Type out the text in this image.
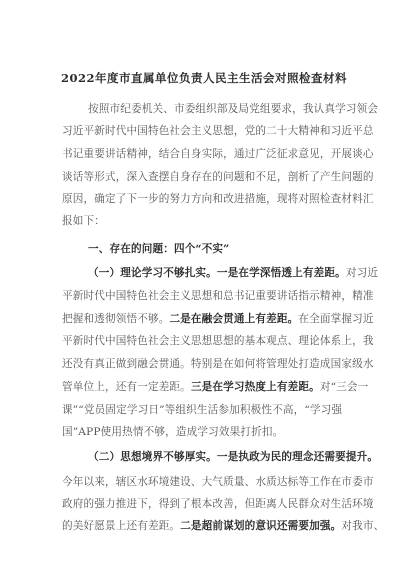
2022年度市直属单位负责人民主生活会对照检查材料
按照市纪委机关、市委组织部及局党组要求，我认真学习领会
习近平新时代中国特色社会主义思想，党的二十大精神和习近平总
书记重要讲话精神，结合自身实际，通过广泛征求意见，开展谈心
谈话等形式，深入查摆自身存在的问题和不足，剖析了产生问题的
原因，确定了下一步的努力方向和改进措施，现将对照检查材料汇
报如下：
一、存在的问题：四个“不实”
（一）理论学习不够扎实。一是在学深悟透上有差距。对习近
平新时代中国特色社会主义思想和总书记重要讲话指示精神，精准
把握和透彻领悟不够。二是在融会贯通上有差距。在全面掌握习近
平新时代中国特色社会主义思想思想的基本观点、理论体系上，我
还没有真正做到融会贯通。特别是在如何将管理处打造成国家级水
管单位上，还有一定差距。三是在学习热度上有差距。对“三会一
课”“党员固定学习日”等组织生活参加积极性不高，“学习强
国”APP使用热情不够，造成学习效果打折扣。
（二）思想境界不够厚实。一是执政为民的理念还需要提升。
今年以来，辖区水环境建设、大气质量、水质达标等工作在市委市
政府的强力推进下，得到了根本改善，但距离人民群众对生活环境
的美好愿景上还有差距。二是超前谋划的意识还需要加强。对我市、
